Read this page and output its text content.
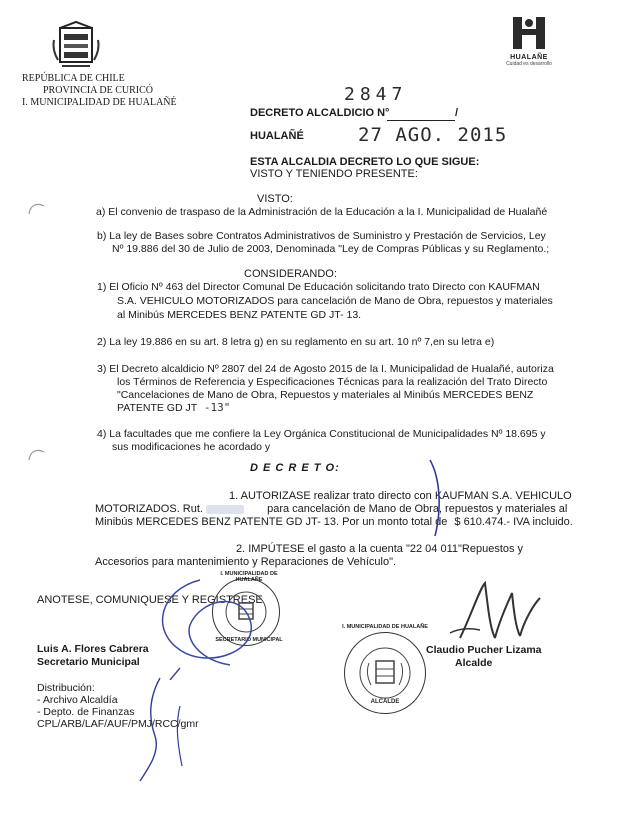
REPÚBLICA DE CHILE
PROVINCIA DE CURICÓ
I. MUNICIPALIDAD DE HUALAÑÉ
HUALAÑE
Cuidad es desarrollo
DECRETO ALCALDICIO N°	/
2847
HUALAÑÉ	27 AGO. 2015
ESTA ALCALDIA DECRETO LO QUE SIGUE:
VISTO Y TENIENDO PRESENTE:
VISTO:
a) El convenio de traspaso de la Administración de la Educación a la I. Municipalidad de Hualañé
b) La ley de Bases sobre Contratos Administrativos de Suministro y Prestación de Servicios, Ley
Nº 19.886 del 30 de Julio de 2003, Denominada "Ley de Compras Públicas y su Reglamento.;
CONSIDERANDO:
1) El Oficio Nº 463 del Director Comunal De Educación solicitando trato Directo con KAUFMAN
S.A. VEHICULO MOTORIZADOS para cancelación de Mano de Obra, repuestos y materiales
al Minibús MERCEDES BENZ PATENTE GD JT- 13.
2) La ley 19.886 en su art. 8 letra g) en su reglamento en su art. 10 nº 7,en su letra e)
3) El Decreto alcaldicio Nº 2807 del 24 de Agosto 2015 de la I. Municipalidad de Hualañé, autoriza
los Términos de Referencia y Especificaciones Técnicas para la realización del Trato Directo
"Cancelaciones de Mano de Obra, Repuestos y materiales al Minibús MERCEDES BENZ
PATENTE GD JT -13"
4) La facultades que me confiere la Ley Orgánica Constitucional de Municipalidades Nº 18.695 y
sus modificaciones he acordado y
D E C R E T O:
1. AUTORIZASE realizar trato directo con KAUFMAN S.A. VEHICULO
MOTORIZADOS. Rut.	para cancelación de Mano de Obra, repuestos y materiales al
Minibús MERCEDES BENZ PATENTE GD JT- 13. Por un monto total de $ 610.474.- IVA incluido.
2. IMPÚTESE el gasto a la cuenta "22 04 011"Repuestos y
Accesorios para mantenimiento y Reparaciones de Vehículo".
ANOTESE, COMUNIQUESE Y REGISTRESE
I. MUNICIPALIDAD DE HUALAÑE
SECRETARIO MUNICIPAL
Luis A. Flores Cabrera
Secretario Municipal
I. MUNICIPALIDAD DE HUALAÑE
ALCALDE
Claudio Pucher Lizama
Alcalde
Distribución:
- Archivo Alcaldía
- Depto. de Finanzas
CPL/ARB/LAF/AUF/PMJ/RCC/gmr
